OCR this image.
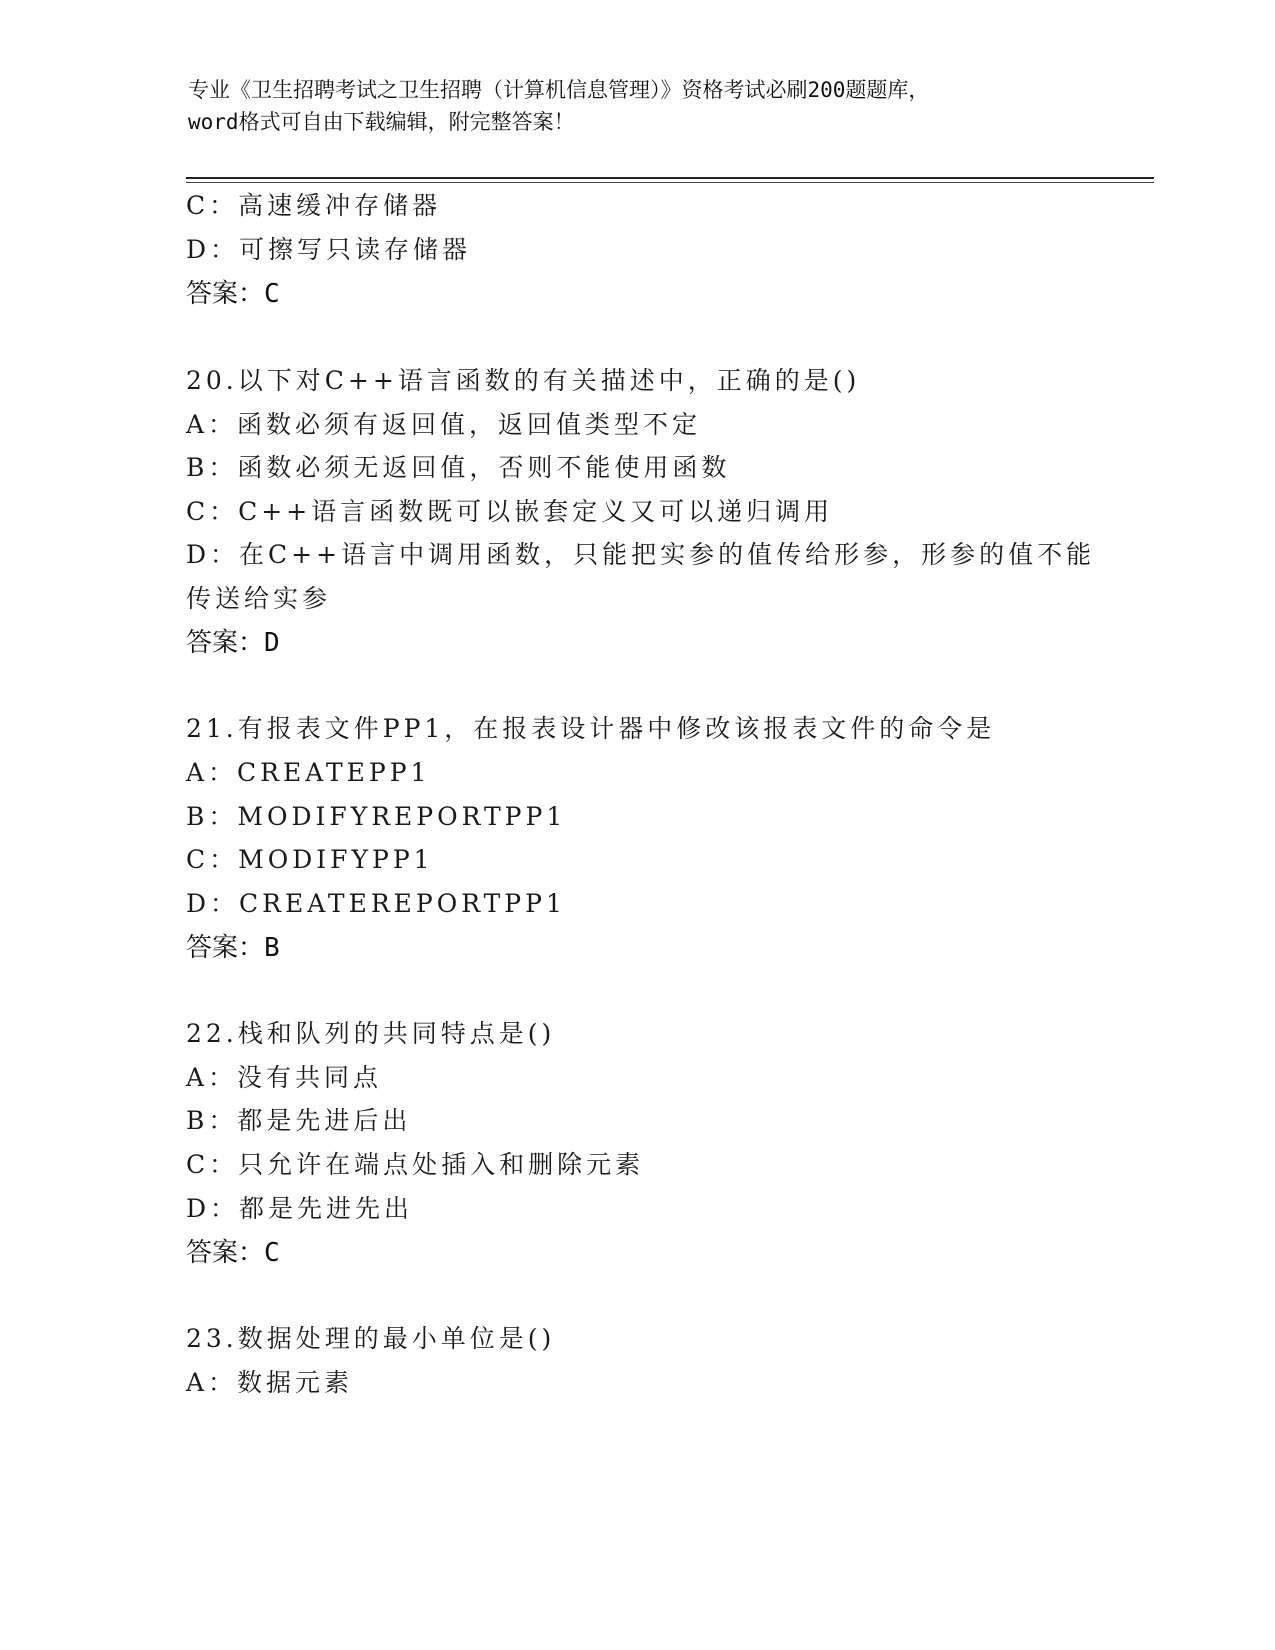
专业《卫生招聘考试之卫生招聘（计算机信息管理）》资格考试必刷200题题库，
word格式可自由下载编辑，附完整答案！
C：高速缓冲存储器
D：可擦写只读存储器
答案：C
20.以下对C++语言函数的有关描述中，正确的是()
A：函数必须有返回值，返回值类型不定
B：函数必须无返回值，否则不能使用函数
C：C++语言函数既可以嵌套定义又可以递归调用
D：在C++语言中调用函数，只能把实参的值传给形参，形参的值不能
传送给实参
答案：D
21.有报表文件PP1，在报表设计器中修改该报表文件的命令是
A：CREATEPP1
B：MODIFYREPORTPP1
C：MODIFYPP1
D：CREATEREPORTPP1
答案：B
22.栈和队列的共同特点是()
A：没有共同点
B：都是先进后出
C：只允许在端点处插入和删除元素
D：都是先进先出
答案：C
23.数据处理的最小单位是()
A：数据元素
